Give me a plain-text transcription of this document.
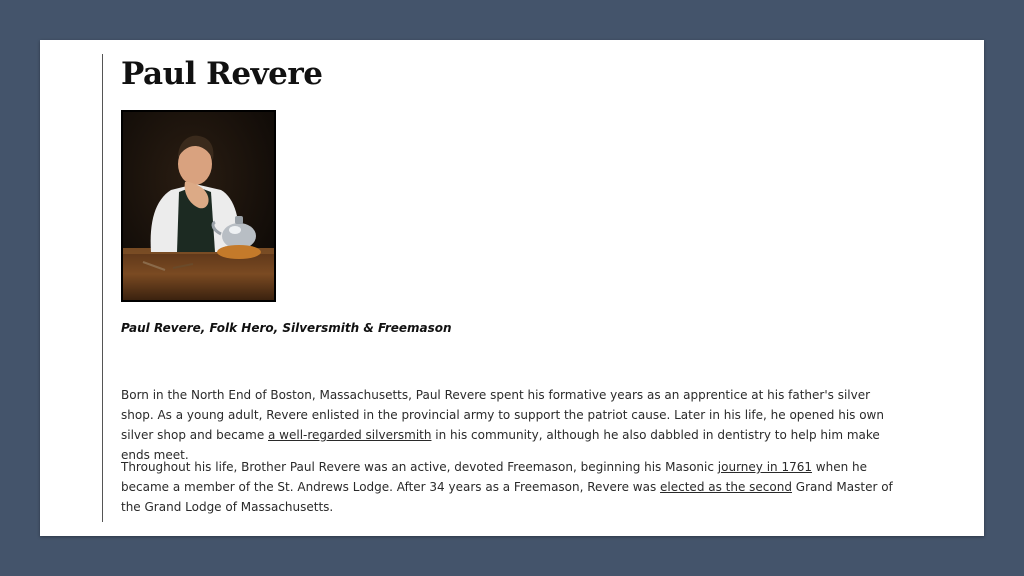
Paul Revere

Paul Revere, Folk Hero, Silversmith & Freemason

Born in the North End of Boston, Massachusetts, Paul Revere spent his formative years as an apprentice at his father's silver shop. As a young adult, Revere enlisted in the provincial army to support the patriot cause. Later in his life, he opened his own silver shop and became a well-regarded silversmith in his community, although he also dabbled in dentistry to help him make ends meet.

Throughout his life, Brother Paul Revere was an active, devoted Freemason, beginning his Masonic journey in 1761 when he became a member of the St. Andrews Lodge. After 34 years as a Freemason, Revere was elected as the second Grand Master of the Grand Lodge of Massachusetts.
